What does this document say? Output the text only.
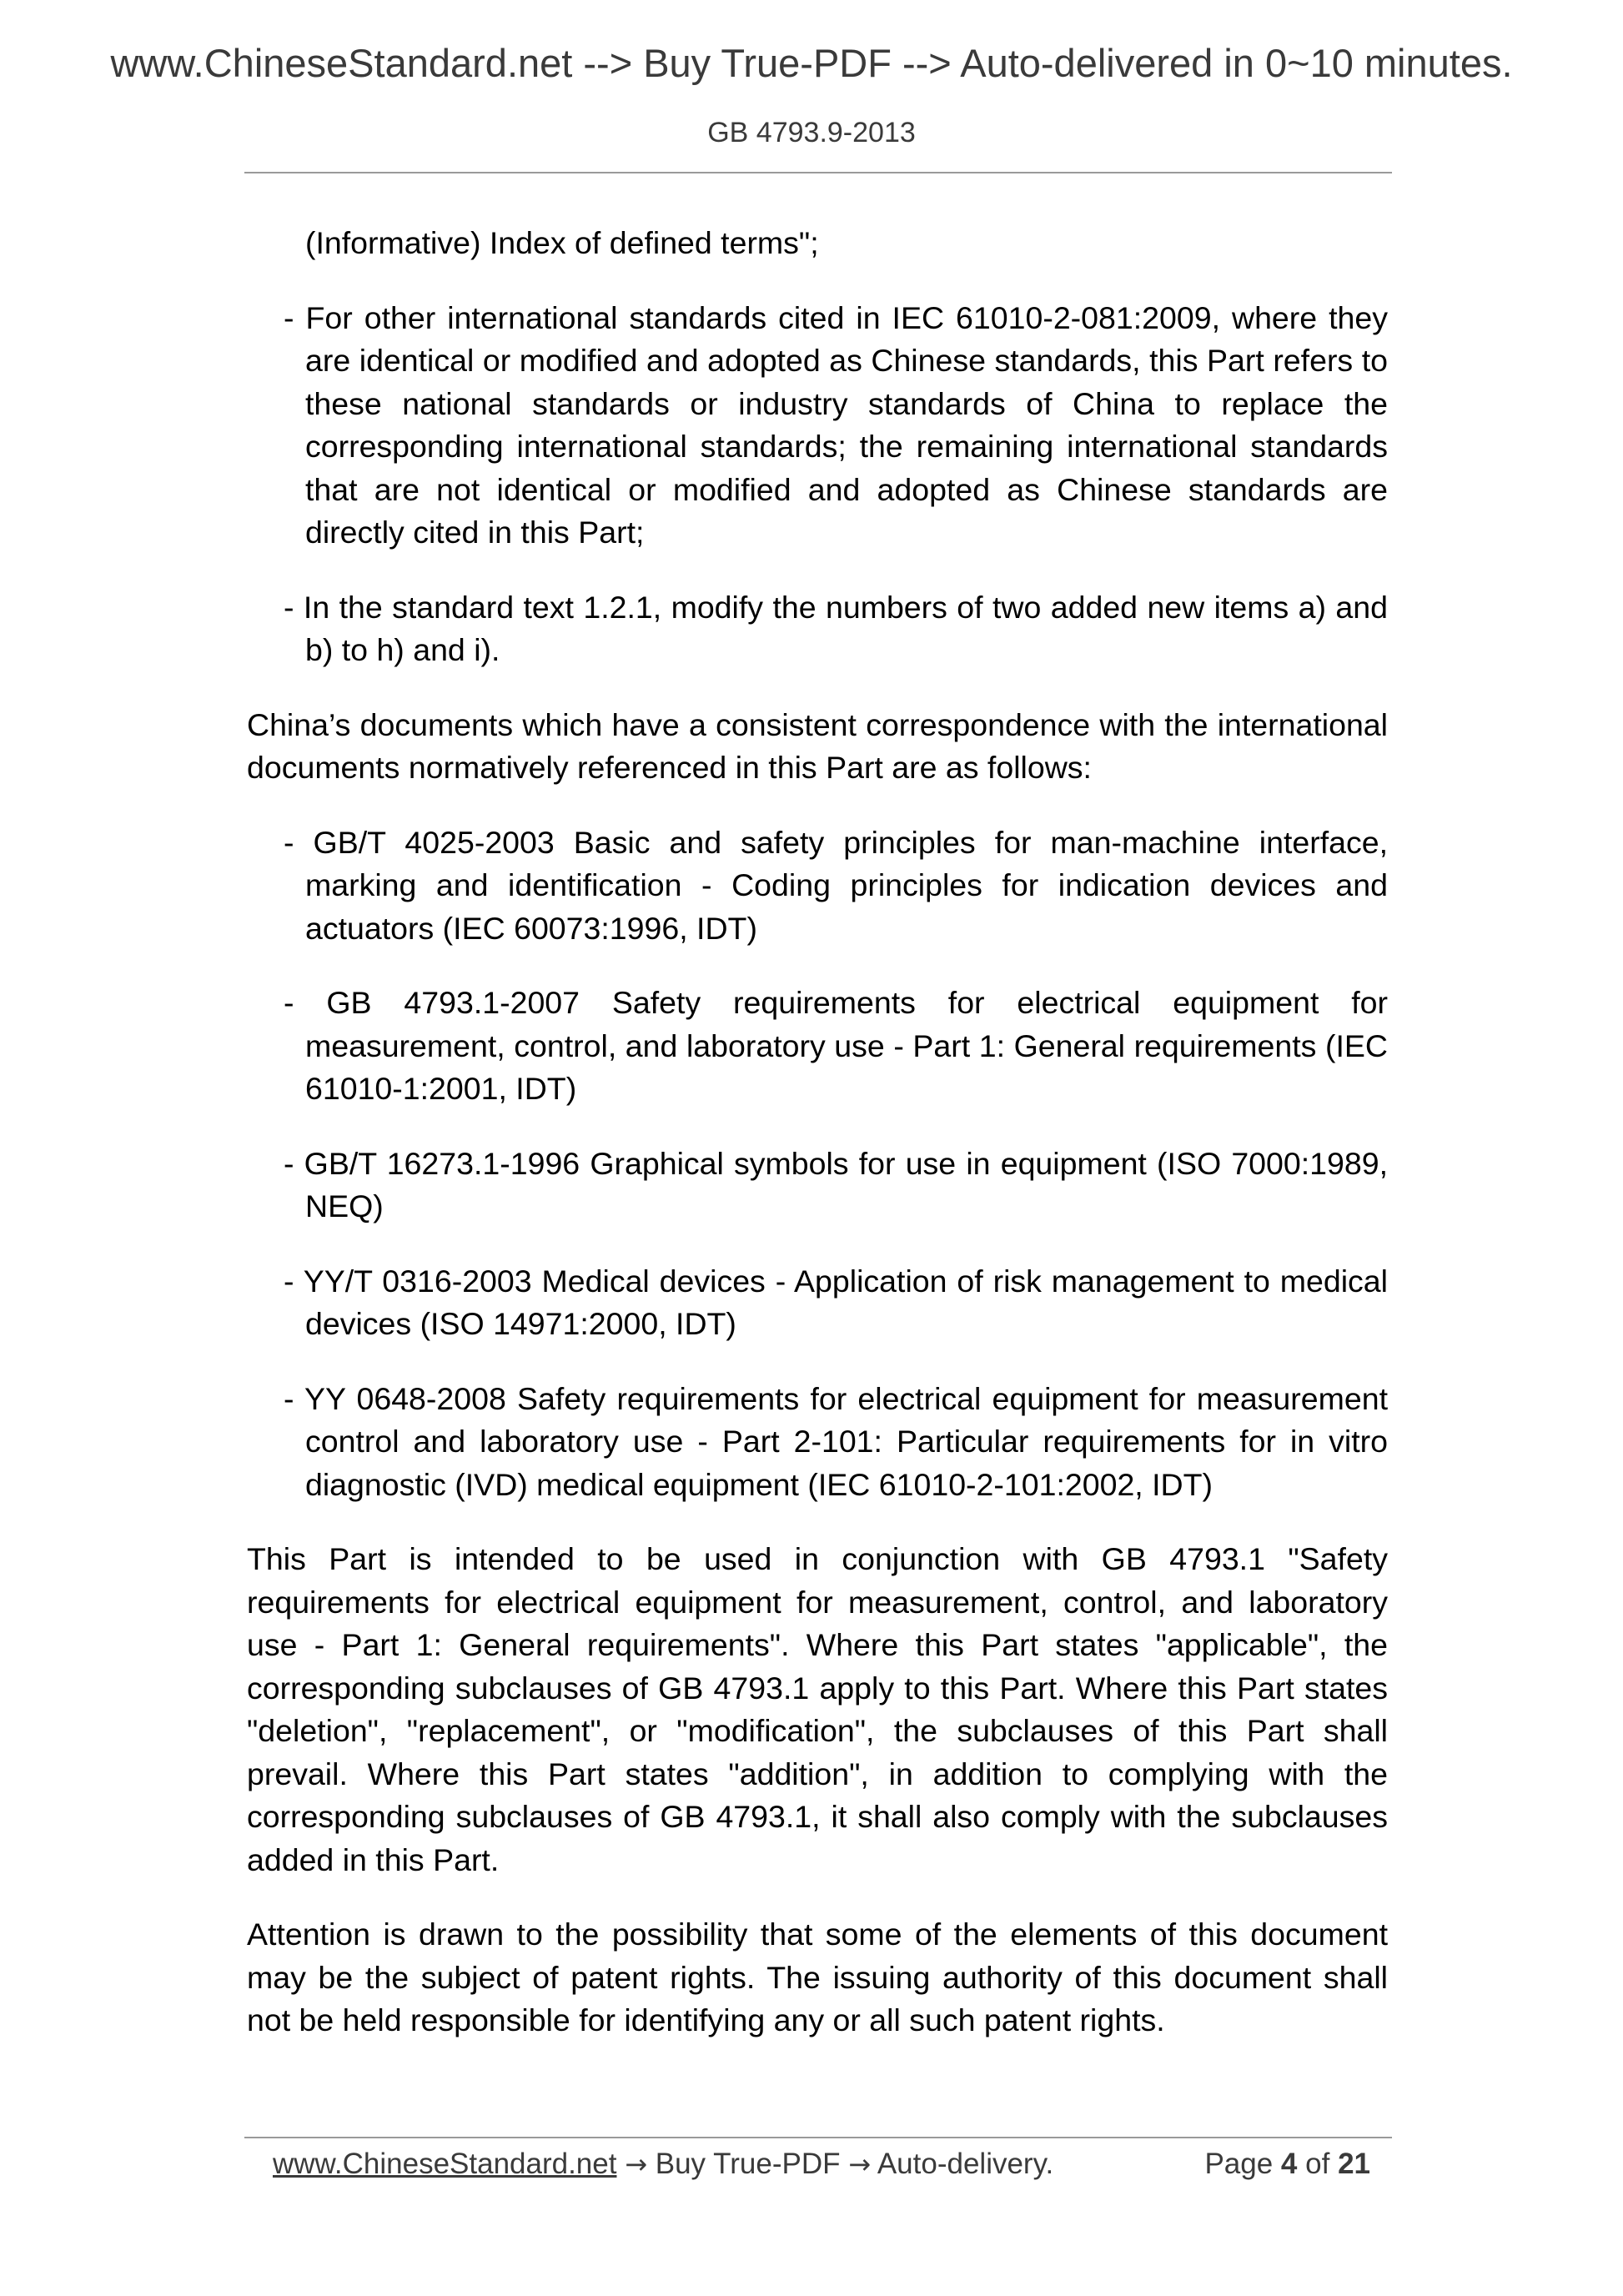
www.ChineseStandard.net --> Buy True-PDF --> Auto-delivered in 0~10 minutes.
GB 4793.9-2013
(Informative) Index of defined terms";
- For other international standards cited in IEC 61010-2-081:2009, where they are identical or modified and adopted as Chinese standards, this Part refers to these national standards or industry standards of China to replace the corresponding international standards; the remaining international standards that are not identical or modified and adopted as Chinese standards are directly cited in this Part;
- In the standard text 1.2.1, modify the numbers of two added new items a) and b) to h) and i).

China’s documents which have a consistent correspondence with the international documents normatively referenced in this Part are as follows:

- GB/T 4025-2003 Basic and safety principles for man-machine interface, marking and identification - Coding principles for indication devices and actuators (IEC 60073:1996, IDT)
- GB 4793.1-2007 Safety requirements for electrical equipment for measurement, control, and laboratory use - Part 1: General requirements (IEC 61010-1:2001, IDT)
- GB/T 16273.1-1996 Graphical symbols for use in equipment (ISO 7000:1989, NEQ)
- YY/T 0316-2003 Medical devices - Application of risk management to medical devices (ISO 14971:2000, IDT)
- YY 0648-2008 Safety requirements for electrical equipment for measurement control and laboratory use - Part 2-101: Particular requirements for in vitro diagnostic (IVD) medical equipment (IEC 61010-2-101:2002, IDT)

This Part is intended to be used in conjunction with GB 4793.1 "Safety requirements for electrical equipment for measurement, control, and laboratory use - Part 1: General requirements". Where this Part states "applicable", the corresponding subclauses of GB 4793.1 apply to this Part. Where this Part states "deletion", "replacement", or "modification", the subclauses of this Part shall prevail. Where this Part states "addition", in addition to complying with the corresponding subclauses of GB 4793.1, it shall also comply with the subclauses added in this Part.

Attention is drawn to the possibility that some of the elements of this document may be the subject of patent rights. The issuing authority of this document shall not be held responsible for identifying any or all such patent rights.

www.ChineseStandard.net → Buy True-PDF → Auto-delivery.	Page 4 of 21
